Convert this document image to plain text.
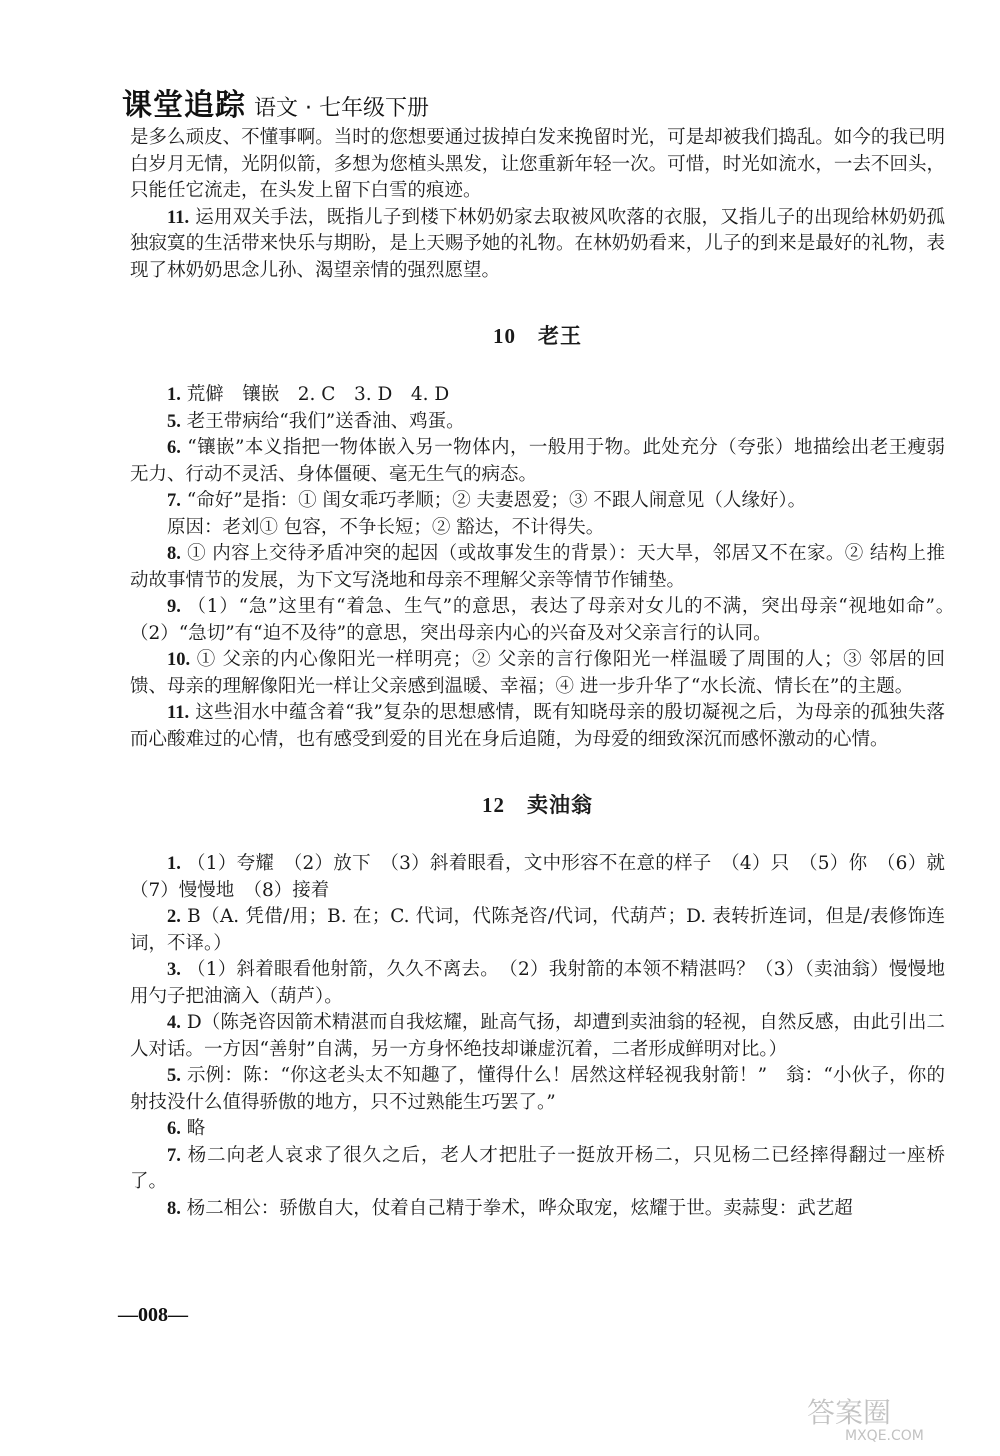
课堂追踪 语文 · 七年级下册

是多么顽皮、不懂事啊。当时的您想要通过拔掉白发来挽留时光，可是却被我们捣乱。如今的我已明白岁月无情，光阴似箭，多想为您植头黑发，让您重新年轻一次。可惜，时光如流水，一去不回头，只能任它流走，在头发上留下白雪的痕迹。

11. 运用双关手法，既指儿子到楼下林奶奶家去取被风吹落的衣服，又指儿子的出现给林奶奶孤独寂寞的生活带来快乐与期盼，是上天赐予她的礼物。在林奶奶看来，儿子的到来是最好的礼物，表现了林奶奶思念儿孙、渴望亲情的强烈愿望。

10 老王

1. 荒僻　镶嵌　2. C　3. D　4. D

5. 老王带病给“我们”送香油、鸡蛋。

6. “镶嵌”本义指把一物体嵌入另一物体内，一般用于物。此处充分（夸张）地描绘出老王瘦弱无力、行动不灵活、身体僵硬、毫无生气的病态。

7. “命好”是指：① 闺女乖巧孝顺；② 夫妻恩爱；③ 不跟人闹意见（人缘好）。

原因：老刘① 包容，不争长短；② 豁达，不计得失。

8. ① 内容上交待矛盾冲突的起因（或故事发生的背景）：天大旱，邻居又不在家。② 结构上推动故事情节的发展，为下文写浇地和母亲不理解父亲等情节作铺垫。

9. （1）“急”这里有“着急、生气”的意思，表达了母亲对女儿的不满，突出母亲“视地如命”。　（2）“急切”有“迫不及待”的意思，突出母亲内心的兴奋及对父亲言行的认同。

10. ① 父亲的内心像阳光一样明亮；② 父亲的言行像阳光一样温暖了周围的人；③ 邻居的回馈、母亲的理解像阳光一样让父亲感到温暖、幸福；④ 进一步升华了“水长流、情长在”的主题。

11. 这些泪水中蕴含着“我”复杂的思想感情，既有知晓母亲的殷切凝视之后，为母亲的孤独失落而心酸难过的心情，也有感受到爱的目光在身后追随，为母爱的细致深沉而感怀激动的心情。

12 卖油翁

1. （1）夸耀　（2）放下　（3）斜着眼看，文中形容不在意的样子　（4）只　（5）你　（6）就　（7）慢慢地　（8）接着

2. B（A. 凭借/用；B. 在；C. 代词，代陈尧咨/代词，代葫芦；D. 表转折连词，但是/表修饰连词，不译。）

3. （1）斜着眼看他射箭，久久不离去。　（2）我射箭的本领不精湛吗？（3）（卖油翁）慢慢地用勺子把油滴入（葫芦）。

4. D（陈尧咨因箭术精湛而自我炫耀，趾高气扬，却遭到卖油翁的轻视，自然反感，由此引出二人对话。一方因“善射”自满，另一方身怀绝技却谦虚沉着，二者形成鲜明对比。）

5. 示例：陈：“你这老头太不知趣了，懂得什么！居然这样轻视我射箭！”　翁：“小伙子，你的射技没什么值得骄傲的地方，只不过熟能生巧罢了。”

6. 略

7. 杨二向老人哀求了很久之后，老人才把肚子一挺放开杨二，只见杨二已经摔得翻过一座桥了。

8. 杨二相公：骄傲自大，仗着自己精于拳术，哗众取宠，炫耀于世。卖蒜叟：武艺超

—008—
答案圈
MXQE.COM
